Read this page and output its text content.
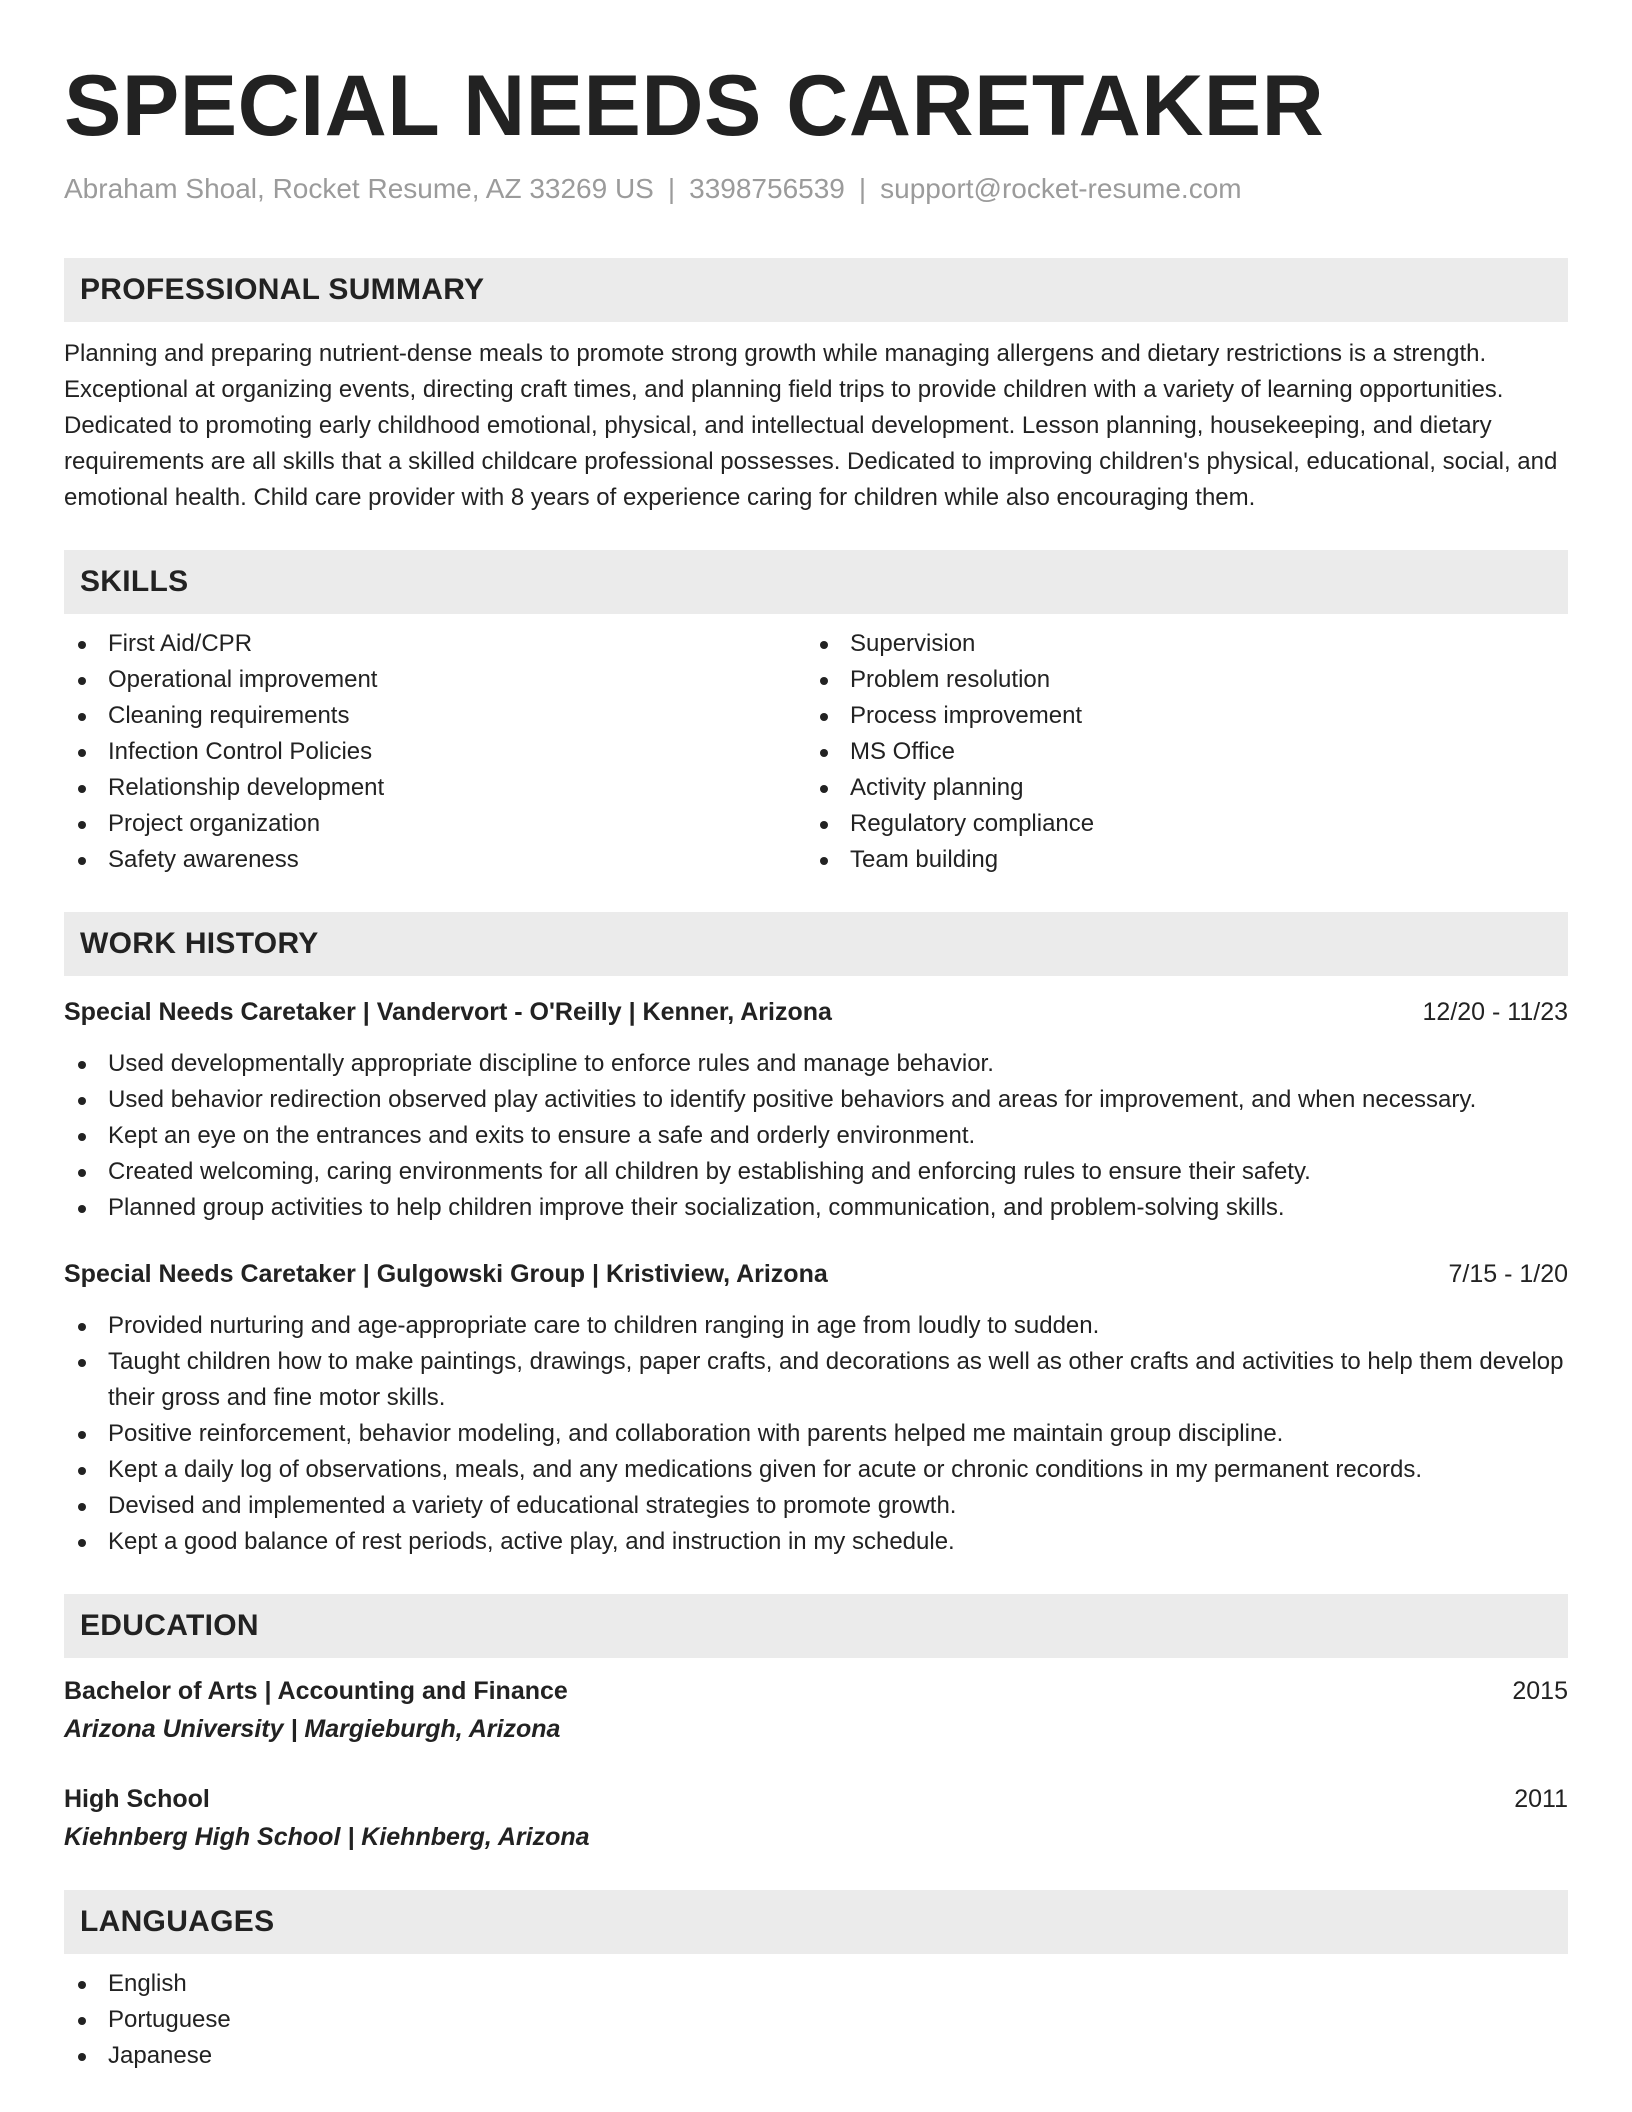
SPECIAL NEEDS CARETAKER
Abraham Shoal, Rocket Resume, AZ 33269 US | 3398756539 | support@rocket-resume.com
PROFESSIONAL SUMMARY

Planning and preparing nutrient-dense meals to promote strong growth while managing allergens and dietary restrictions is a strength. Exceptional at organizing events, directing craft times, and planning field trips to provide children with a variety of learning opportunities. Dedicated to promoting early childhood emotional, physical, and intellectual development. Lesson planning, housekeeping, and dietary requirements are all skills that a skilled childcare professional possesses. Dedicated to improving children's physical, educational, social, and emotional health. Child care provider with 8 years of experience caring for children while also encouraging them.

SKILLS
First Aid/CPR
Operational improvement
Cleaning requirements
Infection Control Policies
Relationship development
Project organization
Safety awareness
Supervision
Problem resolution
Process improvement
MS Office
Activity planning
Regulatory compliance
Team building
WORK HISTORY
Special Needs Caretaker | Vandervort - O'Reilly | Kenner, Arizona	12/20 - 11/23
Used developmentally appropriate discipline to enforce rules and manage behavior.
Used behavior redirection observed play activities to identify positive behaviors and areas for improvement, and when necessary.
Kept an eye on the entrances and exits to ensure a safe and orderly environment.
Created welcoming, caring environments for all children by establishing and enforcing rules to ensure their safety.
Planned group activities to help children improve their socialization, communication, and problem-solving skills.
Special Needs Caretaker | Gulgowski Group | Kristiview, Arizona	7/15 - 1/20
Provided nurturing and age-appropriate care to children ranging in age from loudly to sudden.
Taught children how to make paintings, drawings, paper crafts, and decorations as well as other crafts and activities to help them develop their gross and fine motor skills.
Positive reinforcement, behavior modeling, and collaboration with parents helped me maintain group discipline.
Kept a daily log of observations, meals, and any medications given for acute or chronic conditions in my permanent records.
Devised and implemented a variety of educational strategies to promote growth.
Kept a good balance of rest periods, active play, and instruction in my schedule.
EDUCATION
Bachelor of Arts | Accounting and Finance	2015
Arizona University | Margieburgh, Arizona
High School	2011
Kiehnberg High School | Kiehnberg, Arizona
LANGUAGES
English
Portuguese
Japanese
